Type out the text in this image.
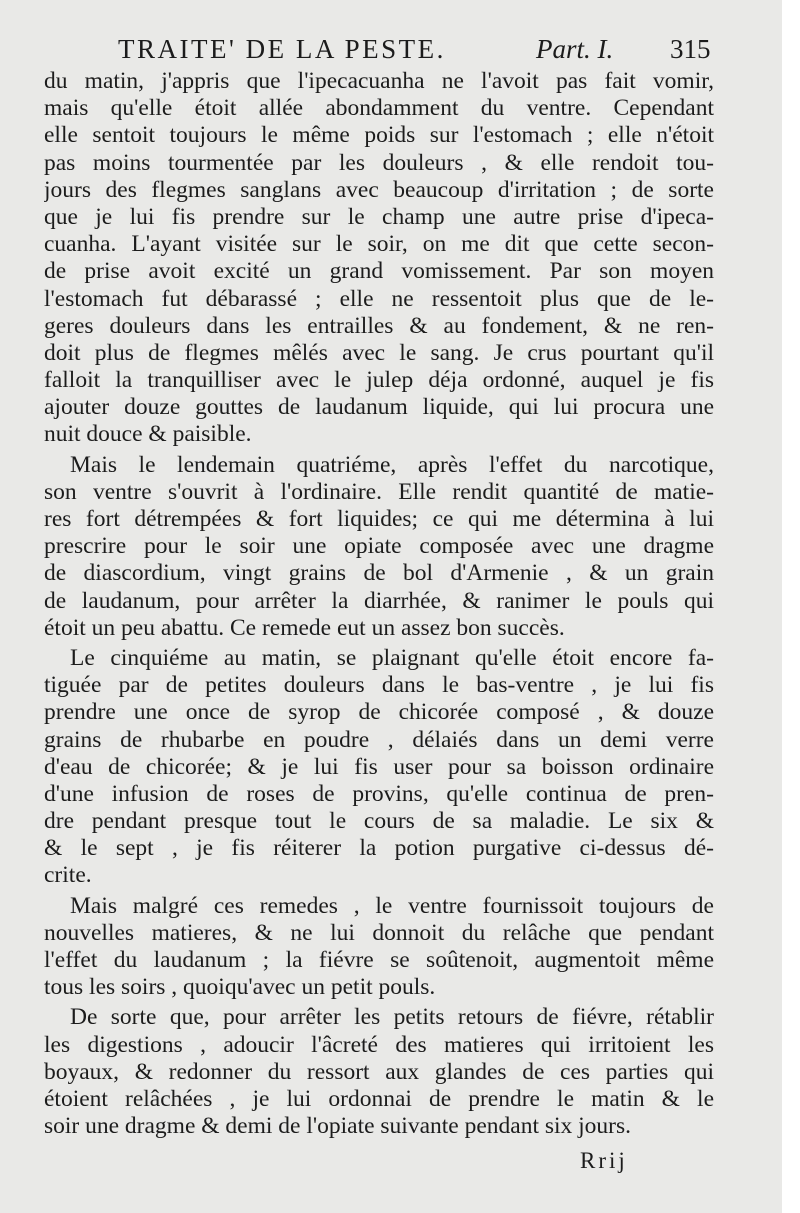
TRAITE' DE LA PESTE.	Part. I. 315
du matin, j'appris que l'ipecacuanha ne l'avoit pas fait vomir,
mais qu'elle étoit allée abondamment du ventre. Cependant
elle sentoit toujours le même poids sur l'estomach ; elle n'étoit
pas moins tourmentée par les douleurs , & elle rendoit tou-
jours des flegmes sanglans avec beaucoup d'irritation ; de sorte
que je lui fis prendre sur le champ une autre prise d'ipeca-
cuanha. L'ayant visitée sur le soir, on me dit que cette secon-
de prise avoit excité un grand vomissement. Par son moyen
l'estomach fut débarassé ; elle ne ressentoit plus que de le-
geres douleurs dans les entrailles & au fondement, & ne ren-
doit plus de flegmes mêlés avec le sang. Je crus pourtant qu'il
falloit la tranquilliser avec le julep déja ordonné, auquel je fis
ajouter douze gouttes de laudanum liquide, qui lui procura une
nuit douce & paisible.
Mais le lendemain quatriéme, après l'effet du narcotique,
son ventre s'ouvrit à l'ordinaire. Elle rendit quantité de matie-
res fort détrempées & fort liquides; ce qui me détermina à lui
prescrire pour le soir une opiate composée avec une dragme
de diascordium, vingt grains de bol d'Armenie , & un grain
de laudanum, pour arrêter la diarrhée, & ranimer le pouls qui
étoit un peu abattu. Ce remede eut un assez bon succès.
Le cinquiéme au matin, se plaignant qu'elle étoit encore fa-
tiguée par de petites douleurs dans le bas-ventre , je lui fis
prendre une once de syrop de chicorée composé , & douze
grains de rhubarbe en poudre , délaiés dans un demi verre
d'eau de chicorée; & je lui fis user pour sa boisson ordinaire
d'une infusion de roses de provins, qu'elle continua de pren-
dre pendant presque tout le cours de sa maladie. Le six &
& le sept , je fis réiterer la potion purgative ci-dessus dé-
crite.
Mais malgré ces remedes , le ventre fournissoit toujours de
nouvelles matieres, & ne lui donnoit du relâche que pendant
l'effet du laudanum ; la fiévre se soûtenoit, augmentoit même
tous les soirs , quoiqu'avec un petit pouls.
De sorte que, pour arrêter les petits retours de fiévre, rétablir
les digestions , adoucir l'âcreté des matieres qui irritoient les
boyaux, & redonner du ressort aux glandes de ces parties qui
étoient relâchées , je lui ordonnai de prendre le matin & le
soir une dragme & demi de l'opiate suivante pendant six jours.
Rrij
